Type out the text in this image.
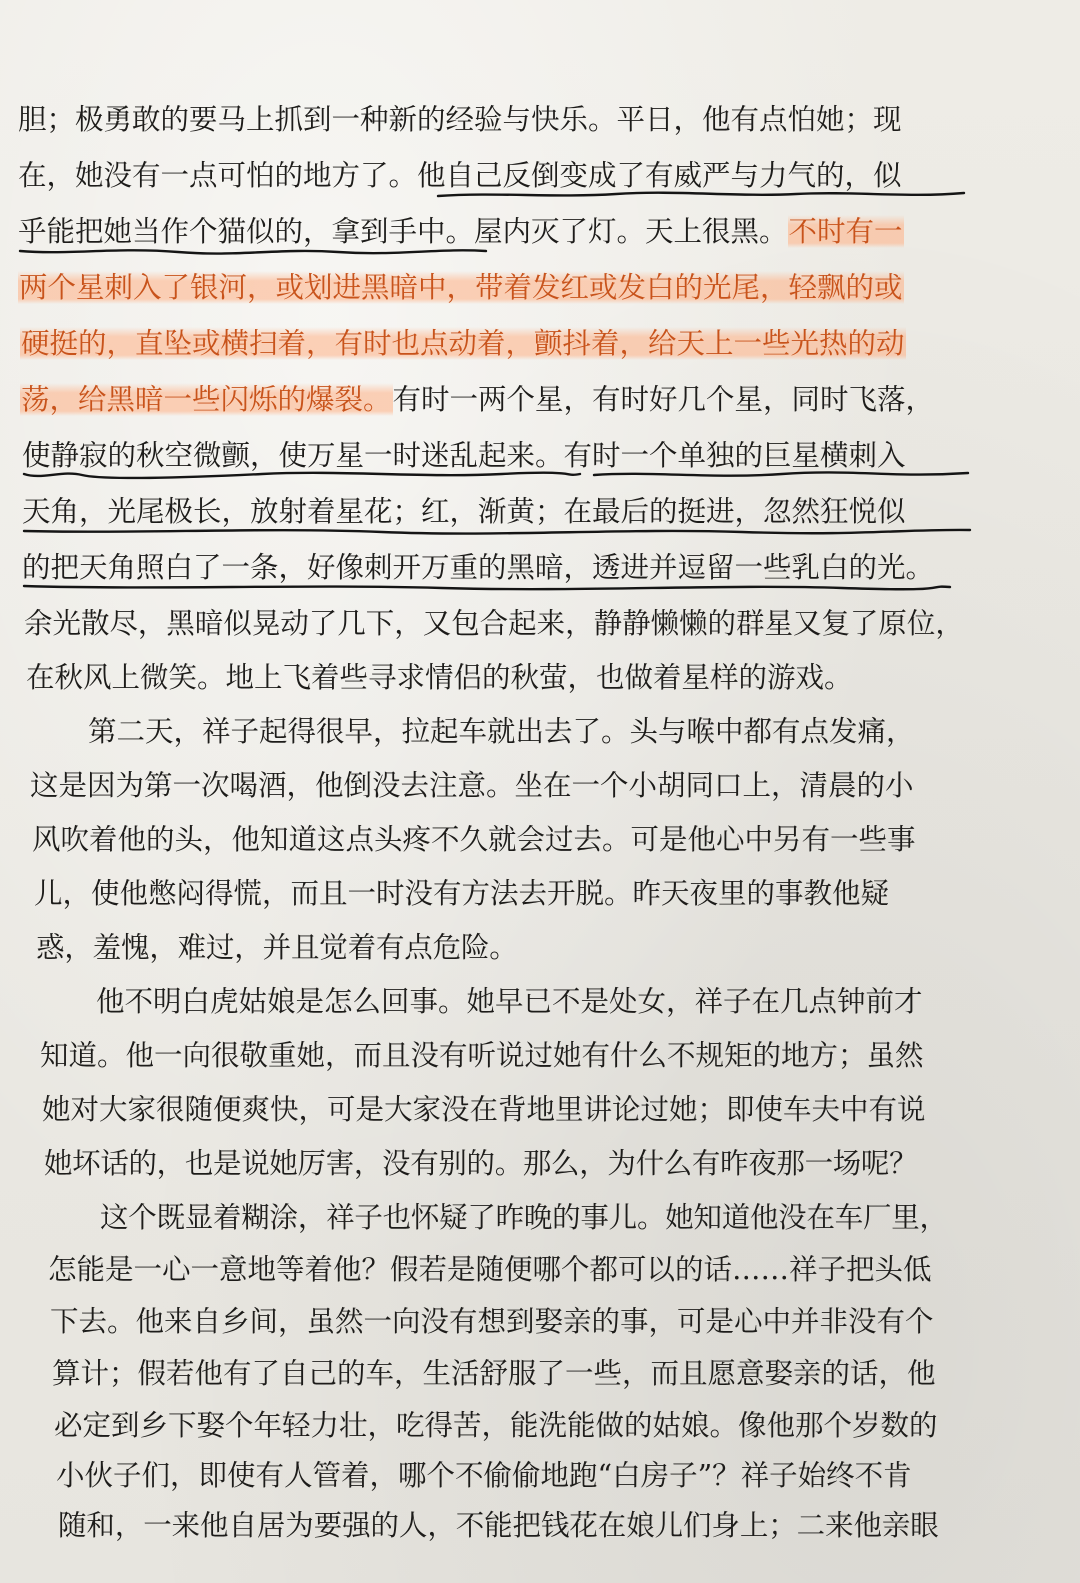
胆；极勇敢的要马上抓到一种新的经验与快乐。平日，他有点怕她；现
在，她没有一点可怕的地方了。他自己反倒变成了有威严与力气的，似
乎能把她当作个猫似的，拿到手中。屋内灭了灯。天上很黑。不时有一
两个星刺入了银河，或划进黑暗中，带着发红或发白的光尾，轻飘的或
硬挺的，直坠或横扫着，有时也点动着，颤抖着，给天上一些光热的动
荡，给黑暗一些闪烁的爆裂。有时一两个星，有时好几个星，同时飞落，
使静寂的秋空微颤，使万星一时迷乱起来。有时一个单独的巨星横刺入
天角，光尾极长，放射着星花；红，渐黄；在最后的挺进，忽然狂悦似
的把天角照白了一条，好像刺开万重的黑暗，透进并逗留一些乳白的光。
余光散尽，黑暗似晃动了几下，又包合起来，静静懒懒的群星又复了原位，
在秋风上微笑。地上飞着些寻求情侣的秋萤，也做着星样的游戏。
第二天，祥子起得很早，拉起车就出去了。头与喉中都有点发痛，
这是因为第一次喝酒，他倒没去注意。坐在一个小胡同口上，清晨的小
风吹着他的头，他知道这点头疼不久就会过去。可是他心中另有一些事
儿，使他憋闷得慌，而且一时没有方法去开脱。昨天夜里的事教他疑
惑，羞愧，难过，并且觉着有点危险。
他不明白虎姑娘是怎么回事。她早已不是处女，祥子在几点钟前才
知道。他一向很敬重她，而且没有听说过她有什么不规矩的地方；虽然
她对大家很随便爽快，可是大家没在背地里讲论过她；即使车夫中有说
她坏话的，也是说她厉害，没有别的。那么，为什么有昨夜那一场呢？
这个既显着糊涂，祥子也怀疑了昨晚的事儿。她知道他没在车厂里，
怎能是一心一意地等着他？假若是随便哪个都可以的话……祥子把头低
下去。他来自乡间，虽然一向没有想到娶亲的事，可是心中并非没有个
算计；假若他有了自己的车，生活舒服了一些，而且愿意娶亲的话，他
必定到乡下娶个年轻力壮，吃得苦，能洗能做的姑娘。像他那个岁数的
小伙子们，即使有人管着，哪个不偷偷地跑“白房子”？祥子始终不肯
随和，一来他自居为要强的人，不能把钱花在娘儿们身上；二来他亲眼
